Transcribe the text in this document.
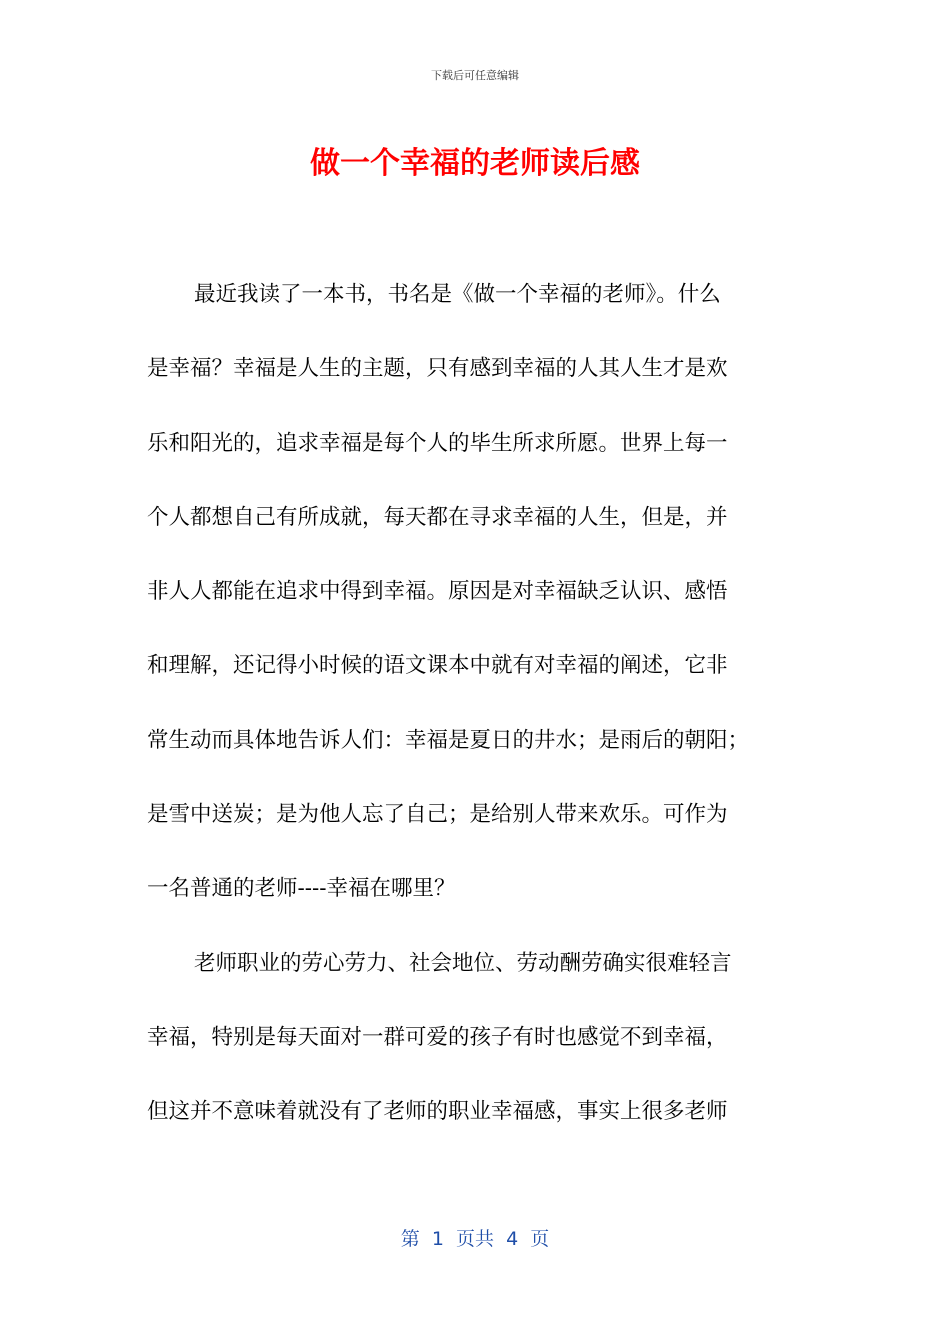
下载后可任意编辑
做一个幸福的老师读后感
最近我读了一本书，书名是《做一个幸福的老师》。什么
是幸福？幸福是人生的主题，只有感到幸福的人其人生才是欢
乐和阳光的，追求幸福是每个人的毕生所求所愿。世界上每一
个人都想自己有所成就，每天都在寻求幸福的人生，但是，并
非人人都能在追求中得到幸福。原因是对幸福缺乏认识、感悟
和理解，还记得小时候的语文课本中就有对幸福的阐述，它非
常生动而具体地告诉人们：幸福是夏日的井水；是雨后的朝阳；
是雪中送炭；是为他人忘了自己；是给别人带来欢乐。可作为
一名普通的老师----幸福在哪里？
老师职业的劳心劳力、社会地位、劳动酬劳确实很难轻言
幸福，特别是每天面对一群可爱的孩子有时也感觉不到幸福，
但这并不意味着就没有了老师的职业幸福感，事实上很多老师
第  1  页共  4  页
